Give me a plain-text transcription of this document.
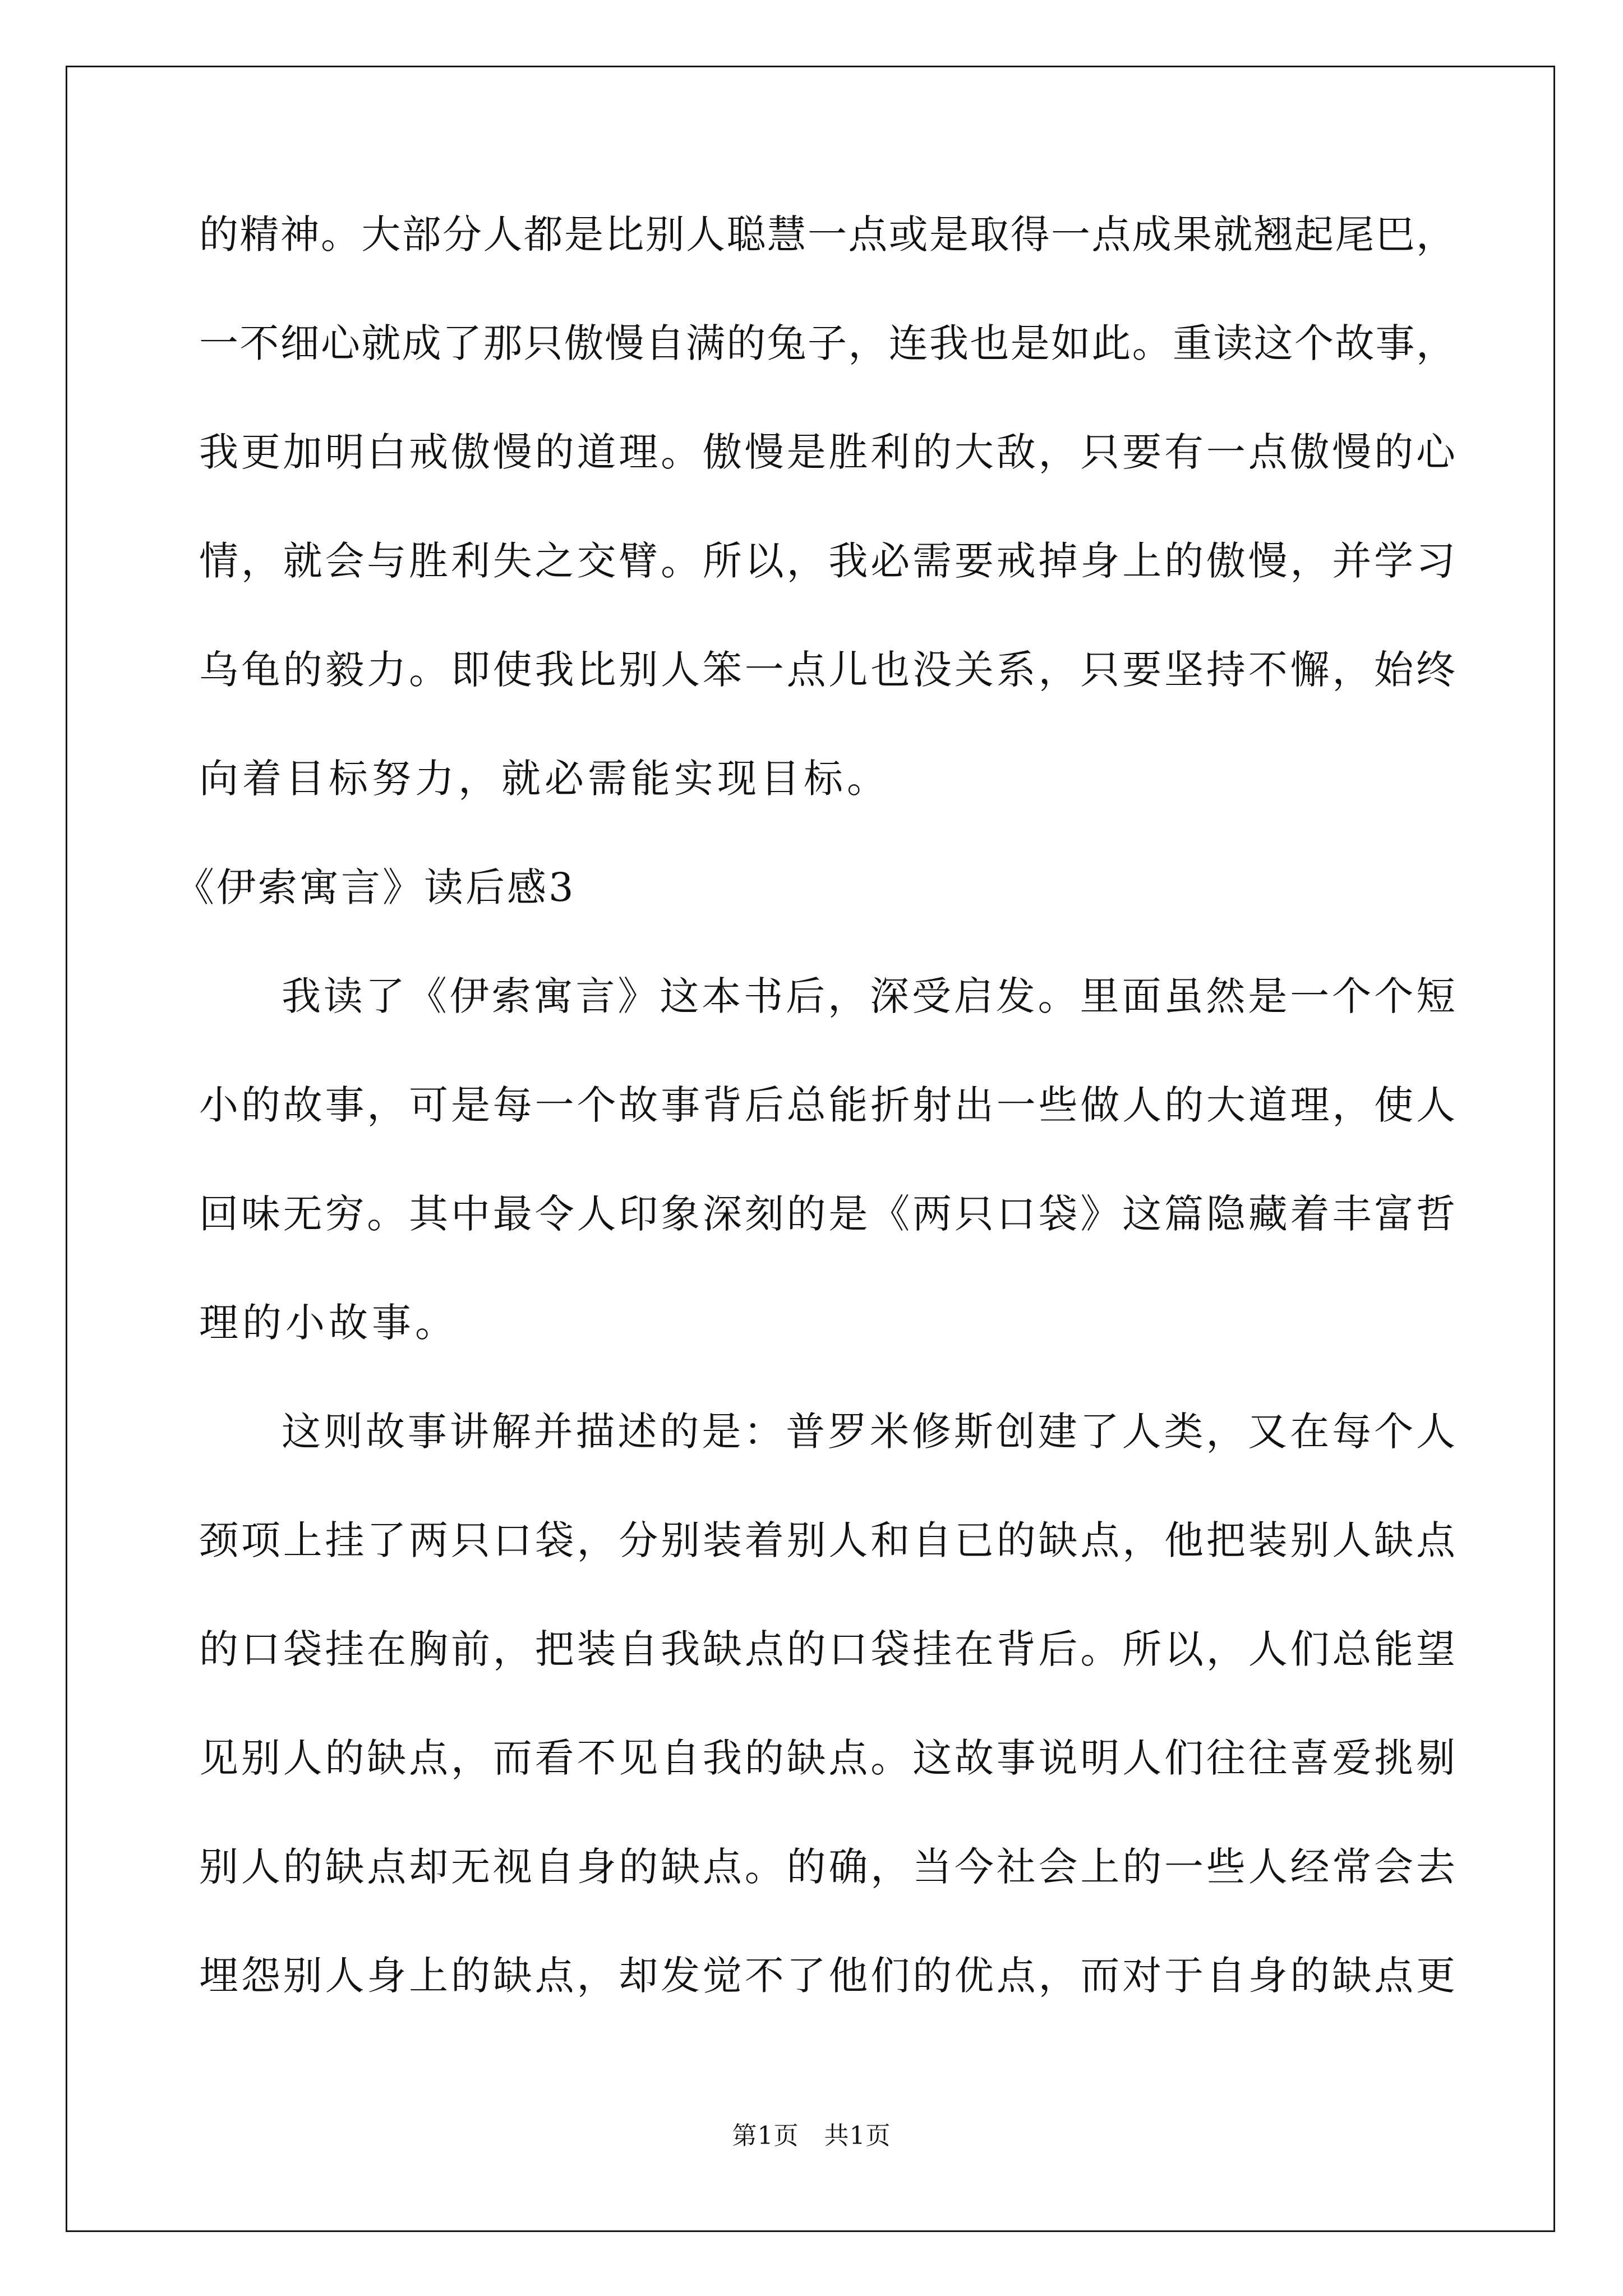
的精神。大部分人都是比别人聪慧一点或是取得一点成果就翘起尾巴，
一不细心就成了那只傲慢自满的兔子，连我也是如此。重读这个故事，
我更加明白戒傲慢的道理。傲慢是胜利的大敌，只要有一点傲慢的心
情，就会与胜利失之交臂。所以，我必需要戒掉身上的傲慢，并学习
乌龟的毅力。即使我比别人笨一点儿也没关系，只要坚持不懈，始终
向着目标努力，就必需能实现目标。
《伊索寓言》读后感3
我读了《伊索寓言》这本书后，深受启发。里面虽然是一个个短
小的故事，可是每一个故事背后总能折射出一些做人的大道理，使人
回味无穷。其中最令人印象深刻的是《两只口袋》这篇隐藏着丰富哲
理的小故事。
这则故事讲解并描述的是：普罗米修斯创建了人类，又在每个人
颈项上挂了两只口袋，分别装着别人和自已的缺点，他把装别人缺点
的口袋挂在胸前，把装自我缺点的口袋挂在背后。所以，人们总能望
见别人的缺点，而看不见自我的缺点。这故事说明人们往往喜爱挑剔
别人的缺点却无视自身的缺点。的确，当今社会上的一些人经常会去
埋怨别人身上的缺点，却发觉不了他们的优点，而对于自身的缺点更
第1页　共1页
